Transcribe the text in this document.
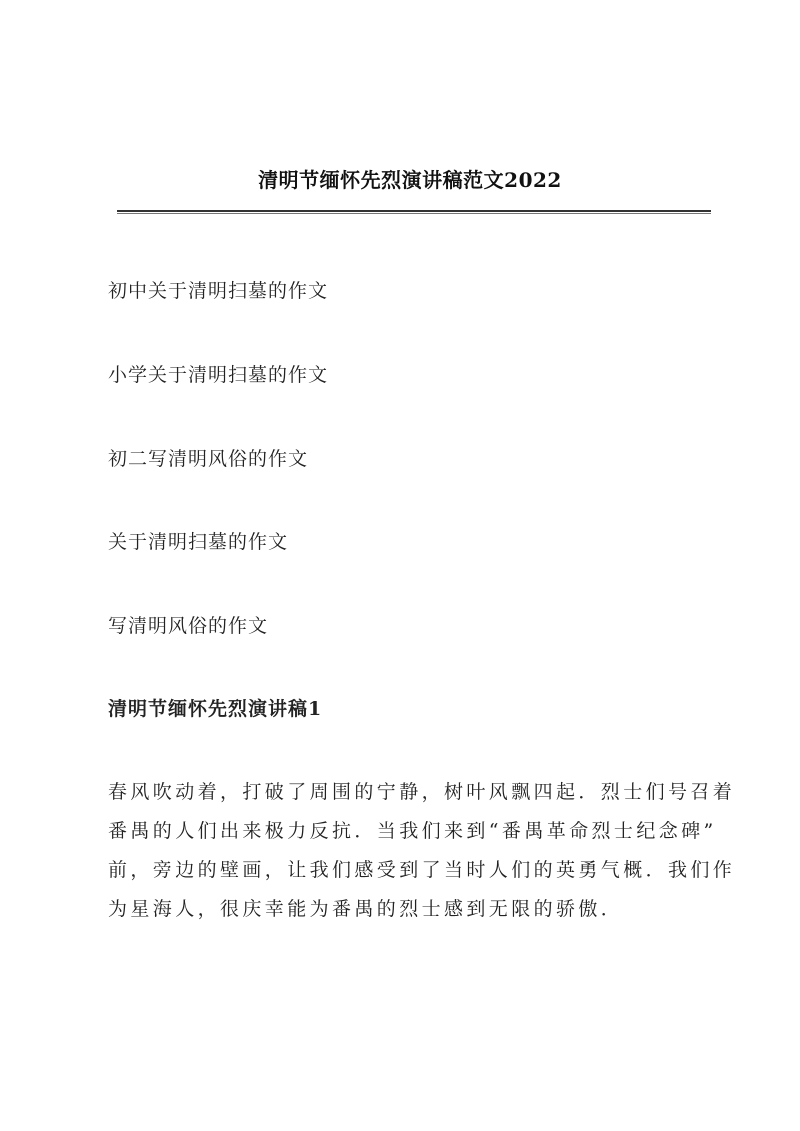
清明节缅怀先烈演讲稿范文2022

初中关于清明扫墓的作文

小学关于清明扫墓的作文

初二写清明风俗的作文

关于清明扫墓的作文

写清明风俗的作文

清明节缅怀先烈演讲稿1
春风吹动着，打破了周围的宁静，树叶风飘四起．烈士们号召着
番禺的人们出来极力反抗．当我们来到“番禺革命烈士纪念碑”
前，旁边的壁画，让我们感受到了当时人们的英勇气概．我们作
为星海人，很庆幸能为番禺的烈士感到无限的骄傲．
